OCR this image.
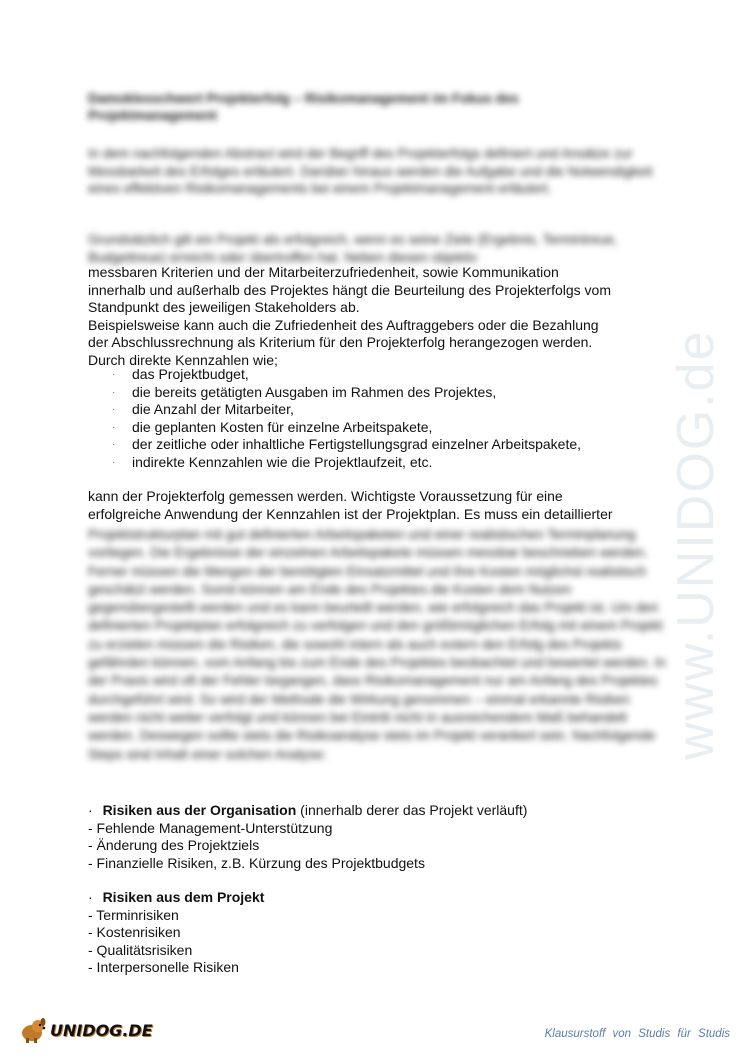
Damoklesschwert Projekterfolg – Risikomanagement im Fokus des Projektmanagement
In dem nachfolgenden Abstract wird der Begriff des Projekterfolgs definiert und Ansätze zur Messbarkeit des Erfolges erläutert. Darüber hinaus werden die Aufgabe und die Notwendigkeit eines effektiven Risikomanagements bei einem Projektmanagement erläutert.
Grundsätzlich gilt ein Projekt als erfolgreich, wenn es seine Ziele (Ergebnis, Termintreue, Budgettreue) erreicht oder übertroffen hat. Neben diesen objektiv
messbaren Kriterien und der Mitarbeiterzufriedenheit, sowie Kommunikation
innerhalb und außerhalb des Projektes hängt die Beurteilung des Projekterfolgs vom
Standpunkt des jeweiligen Stakeholders ab.
Beispielsweise kann auch die Zufriedenheit des Auftraggebers oder die Bezahlung
der Abschlussrechnung als Kriterium für den Projekterfolg herangezogen werden.
Durch direkte Kennzahlen wie;
·	das Projektbudget,
·	die bereits getätigten Ausgaben im Rahmen des Projektes,
·	die Anzahl der Mitarbeiter,
·	die geplanten Kosten für einzelne Arbeitspakete,
·	der zeitliche oder inhaltliche Fertigstellungsgrad einzelner Arbeitspakete,
·	indirekte Kennzahlen wie die Projektlaufzeit, etc.
kann der Projekterfolg gemessen werden. Wichtigste Voraussetzung für eine
erfolgreiche Anwendung der Kennzahlen ist der Projektplan. Es muss ein detaillierter
Projektstrukturplan mit gut definierten Arbeitspaketen und einer realistischen Terminplanung vorliegen. Die Ergebnisse der einzelnen Arbeitspakete müssen messbar beschrieben werden. Ferner müssen die Mengen der benötigten Einsatzmittel und ihre Kosten möglichst realistisch geschätzt werden. Somit können am Ende des Projektes die Kosten dem Nutzen gegenübergestellt werden und es kann beurteilt werden, wie erfolgreich das Projekt ist. Um den definierten Projektplan erfolgreich zu verfolgen und den größtmöglichen Erfolg mit einem Projekt zu erzielen müssen die Risiken, die sowohl intern als auch extern den Erfolg des Projekts gefährden können, vom Anfang bis zum Ende des Projektes beobachtet und bewertet werden. In der Praxis wird oft der Fehler begangen, dass Risikomanagement nur am Anfang des Projektes durchgeführt wird. So wird der Methode die Wirkung genommen – einmal erkannte Risiken werden nicht weiter verfolgt und können bei Eintritt nicht in ausreichendem Maß behandelt werden. Deswegen sollte stets die Risikoanalyse stets im Projekt verankert sein. Nachfolgende Steps sind Inhalt einer solchen Analyse:
· Risiken aus der Organisation (innerhalb derer das Projekt verläuft)
- Fehlende Management-Unterstützung
- Änderung des Projektziels
- Finanzielle Risiken, z.B. Kürzung des Projektbudgets
· Risiken aus dem Projekt
- Terminrisiken
- Kostenrisiken
- Qualitätsrisiken
- Interpersonelle Risiken
www.UNIDOG.de
UNIDOG.DE	Klausurstoff von Studis für Studis
